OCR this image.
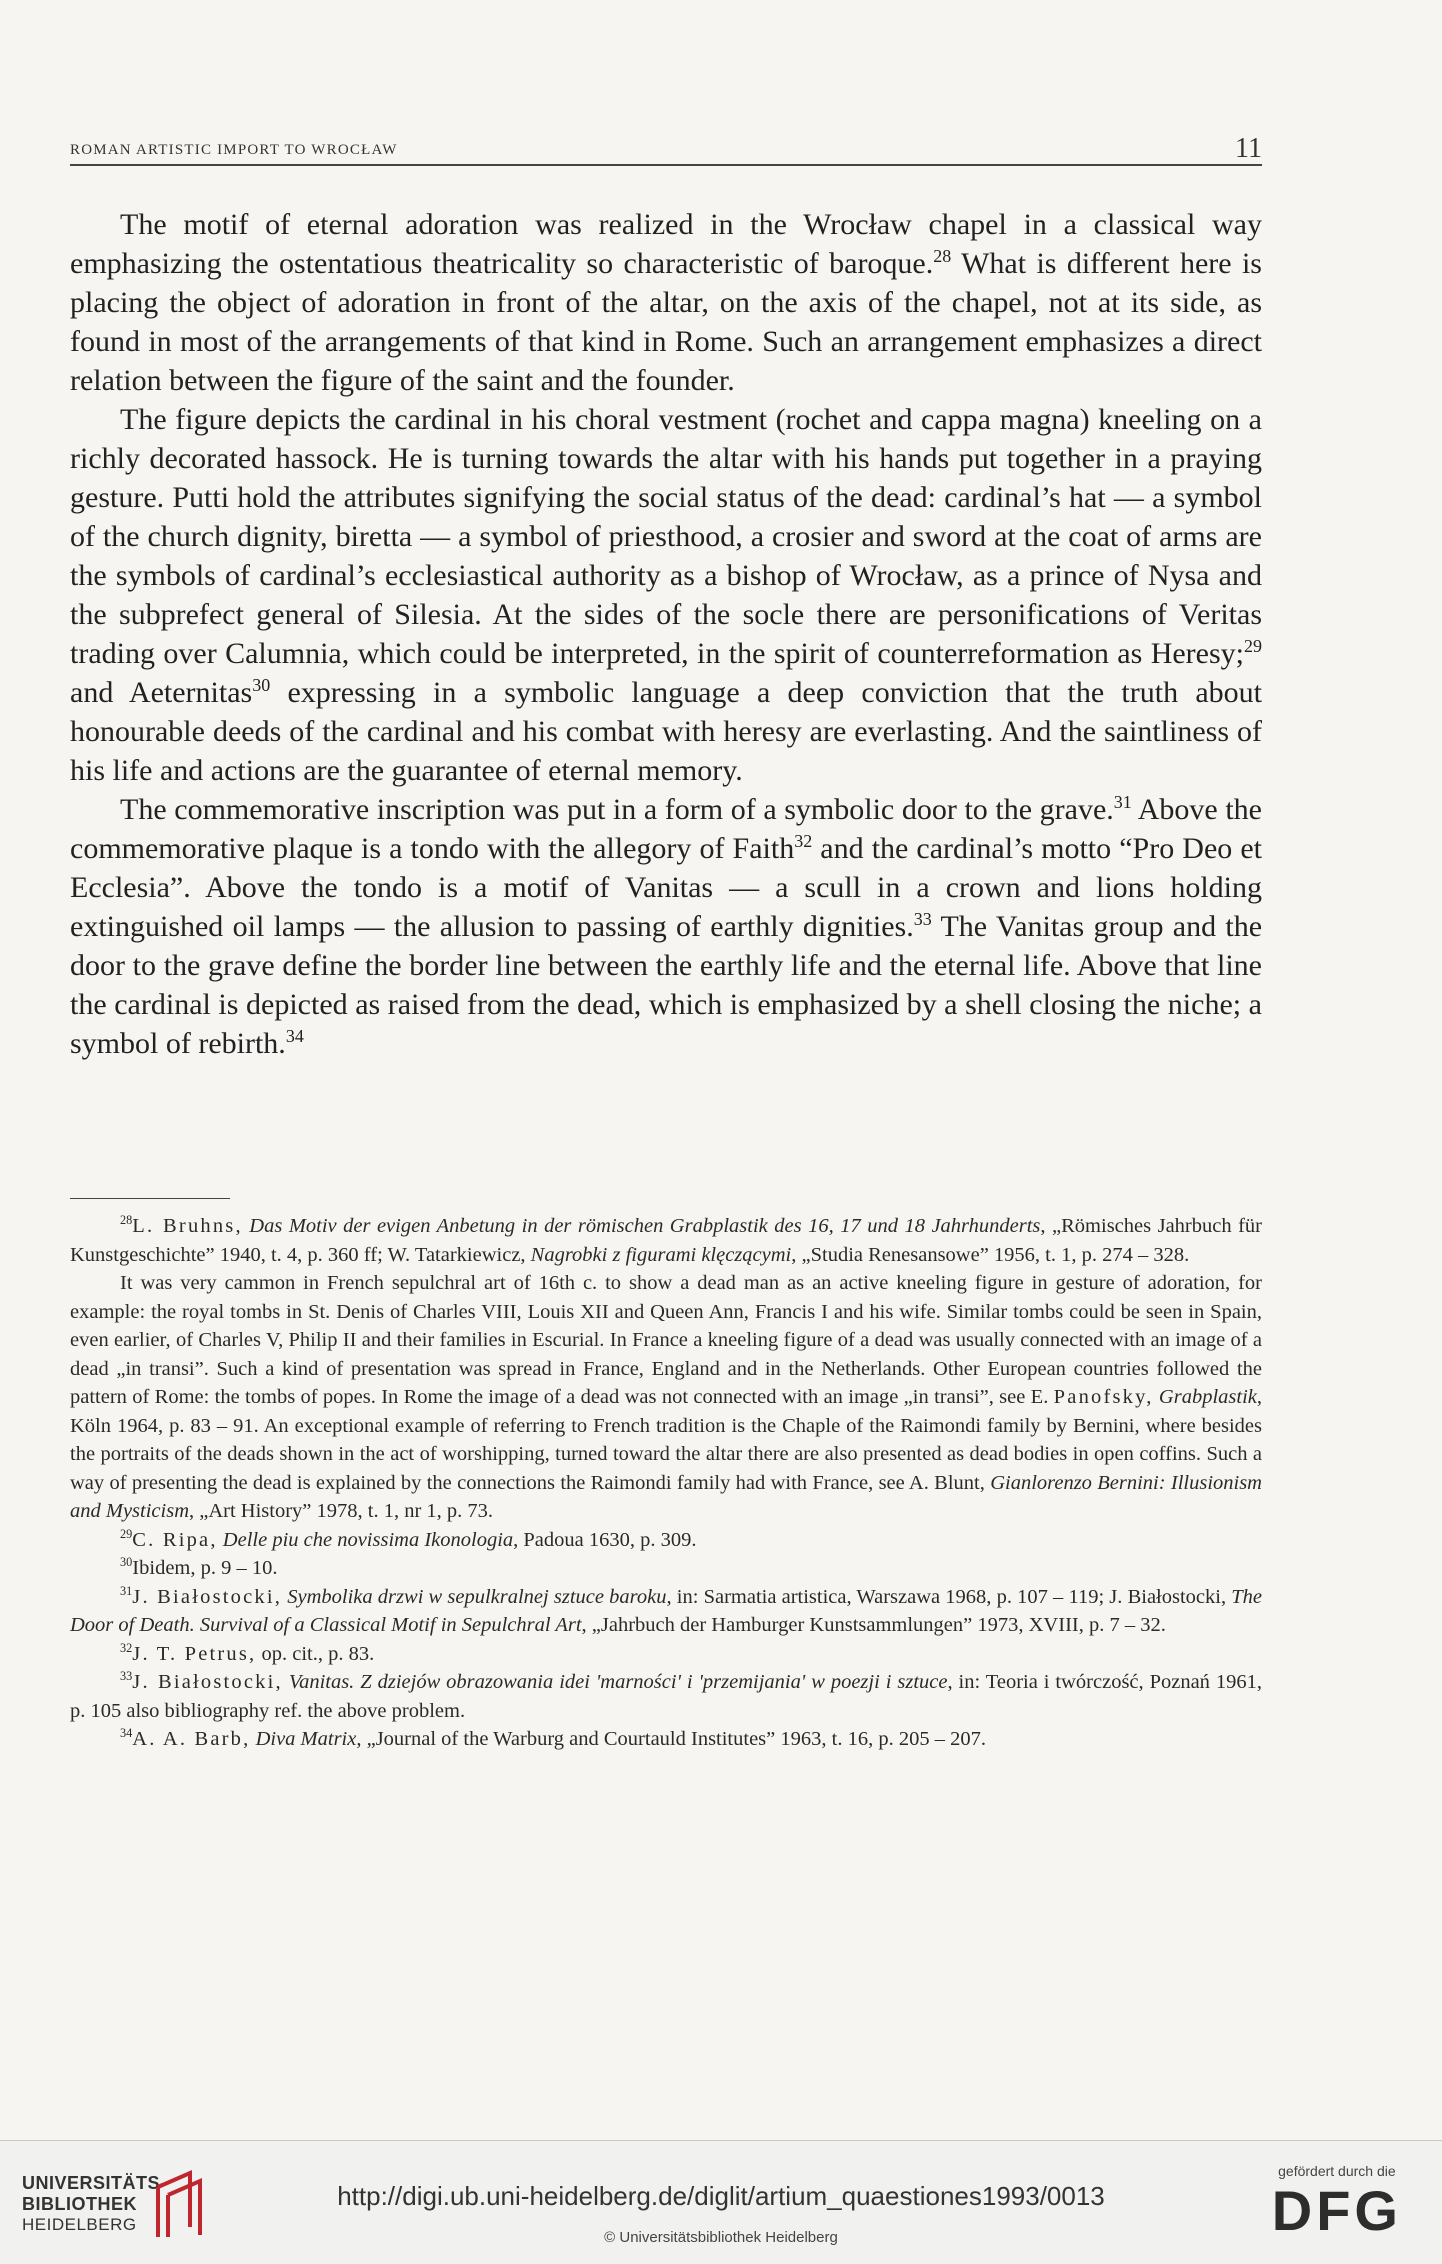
ROMAN ARTISTIC IMPORT TO WROCŁAW	11

The motif of eternal adoration was realized in the Wrocław chapel in a classical way emphasizing the ostentatious theatricality so characteristic of baroque.$^{28}$ What is different here is placing the object of adoration in front of the altar, on the axis of the chapel, not at its side, as found in most of the arrangements of that kind in Rome. Such an arrangement emphasizes a direct relation between the figure of the saint and the founder.

The figure depicts the cardinal in his choral vestment (rochet and cappa magna) kneeling on a richly decorated hassock. He is turning towards the altar with his hands put together in a praying gesture. Putti hold the attributes signifying the social status of the dead: cardinal’s hat — a symbol of the church dignity, biretta — a symbol of priesthood, a crosier and sword at the coat of arms are the symbols of cardinal’s ecclesiastical authority as a bishop of Wrocław, as a prince of Nysa and the subprefect general of Silesia. At the sides of the socle there are personifications of Veritas trading over Calumnia, which could be interpreted, in the spirit of counterreformation as Heresy;$^{29}$ and Aeternitas$^{30}$ expressing in a symbolic language a deep conviction that the truth about honourable deeds of the cardinal and his combat with heresy are everlasting. And the saintliness of his life and actions are the guarantee of eternal memory.

The commemorative inscription was put in a form of a symbolic door to the grave.$^{31}$ Above the commemorative plaque is a tondo with the allegory of Faith$^{32}$ and the cardinal’s motto “Pro Deo et Ecclesia”. Above the tondo is a motif of Vanitas — a scull in a crown and lions holding extinguished oil lamps — the allusion to passing of earthly dignities.$^{33}$ The Vanitas group and the door to the grave define the border line between the earthly life and the eternal life. Above that line the cardinal is depicted as raised from the dead, which is emphasized by a shell closing the niche; a symbol of rebirth.$^{34}$

$^{28}$L. Bruhns, Das Motiv der evigen Anbetung in der römischen Grabplastik des 16, 17 und 18 Jahrhunderts, „Römisches Jahrbuch für Kunstgeschichte” 1940, t. 4, p. 360 ff; W. Tatarkiewicz, Nagrobki z figurami klęczącymi, „Studia Renesansowe” 1956, t. 1, p. 274 – 328.

It was very cammon in French sepulchral art of 16th c. to show a dead man as an active kneeling figure in gesture of adoration, for example: the royal tombs in St. Denis of Charles VIII, Louis XII and Queen Ann, Francis I and his wife. Similar tombs could be seen in Spain, even earlier, of Charles V, Philip II and their families in Escurial. In France a kneeling figure of a dead was usually connected with an image of a dead „in transi”. Such a kind of presentation was spread in France, England and in the Netherlands. Other European countries followed the pattern of Rome: the tombs of popes. In Rome the image of a dead was not connected with an image „in transi”, see E. Panofsky, Grabplastik, Köln 1964, p. 83 – 91. An exceptional example of referring to French tradition is the Chaple of the Raimondi family by Bernini, where besides the portraits of the deads shown in the act of worshipping, turned toward the altar there are also presented as dead bodies in open coffins. Such a way of presenting the dead is explained by the connections the Raimondi family had with France, see A. Blunt, Gianlorenzo Bernini: Illusionism and Mysticism, „Art History” 1978, t. 1, nr 1, p. 73.

$^{29}$C. Ripa, Delle piu che novissima Ikonologia, Padoua 1630, p. 309.

$^{30}$Ibidem, p. 9 – 10.

$^{31}$J. Białostocki, Symbolika drzwi w sepulkralnej sztuce baroku, in: Sarmatia artistica, Warszawa 1968, p. 107 – 119; J. Białostocki, The Door of Death. Survival of a Classical Motif in Sepulchral Art, „Jahrbuch der Hamburger Kunstsammlungen” 1973, XVIII, p. 7 – 32.

$^{32}$J. T. Petrus, op. cit., p. 83.

$^{33}$J. Białostocki, Vanitas. Z dziejów obrazowania idei 'marności' i 'przemijania' w poezji i sztuce, in: Teoria i twórczość, Poznań 1961, p. 105 also bibliography ref. the above problem.

$^{34}$A. A. Barb, Diva Matrix, „Journal of the Warburg and Courtauld Institutes” 1963, t. 16, p. 205 – 207.

UNIVERSITÄTS-
BIBLIOTHEK
HEIDELBERG
http://digi.ub.uni-heidelberg.de/diglit/artium_quaestiones1993/0013
© Universitätsbibliothek Heidelberg
gefördert durch die
DFG
